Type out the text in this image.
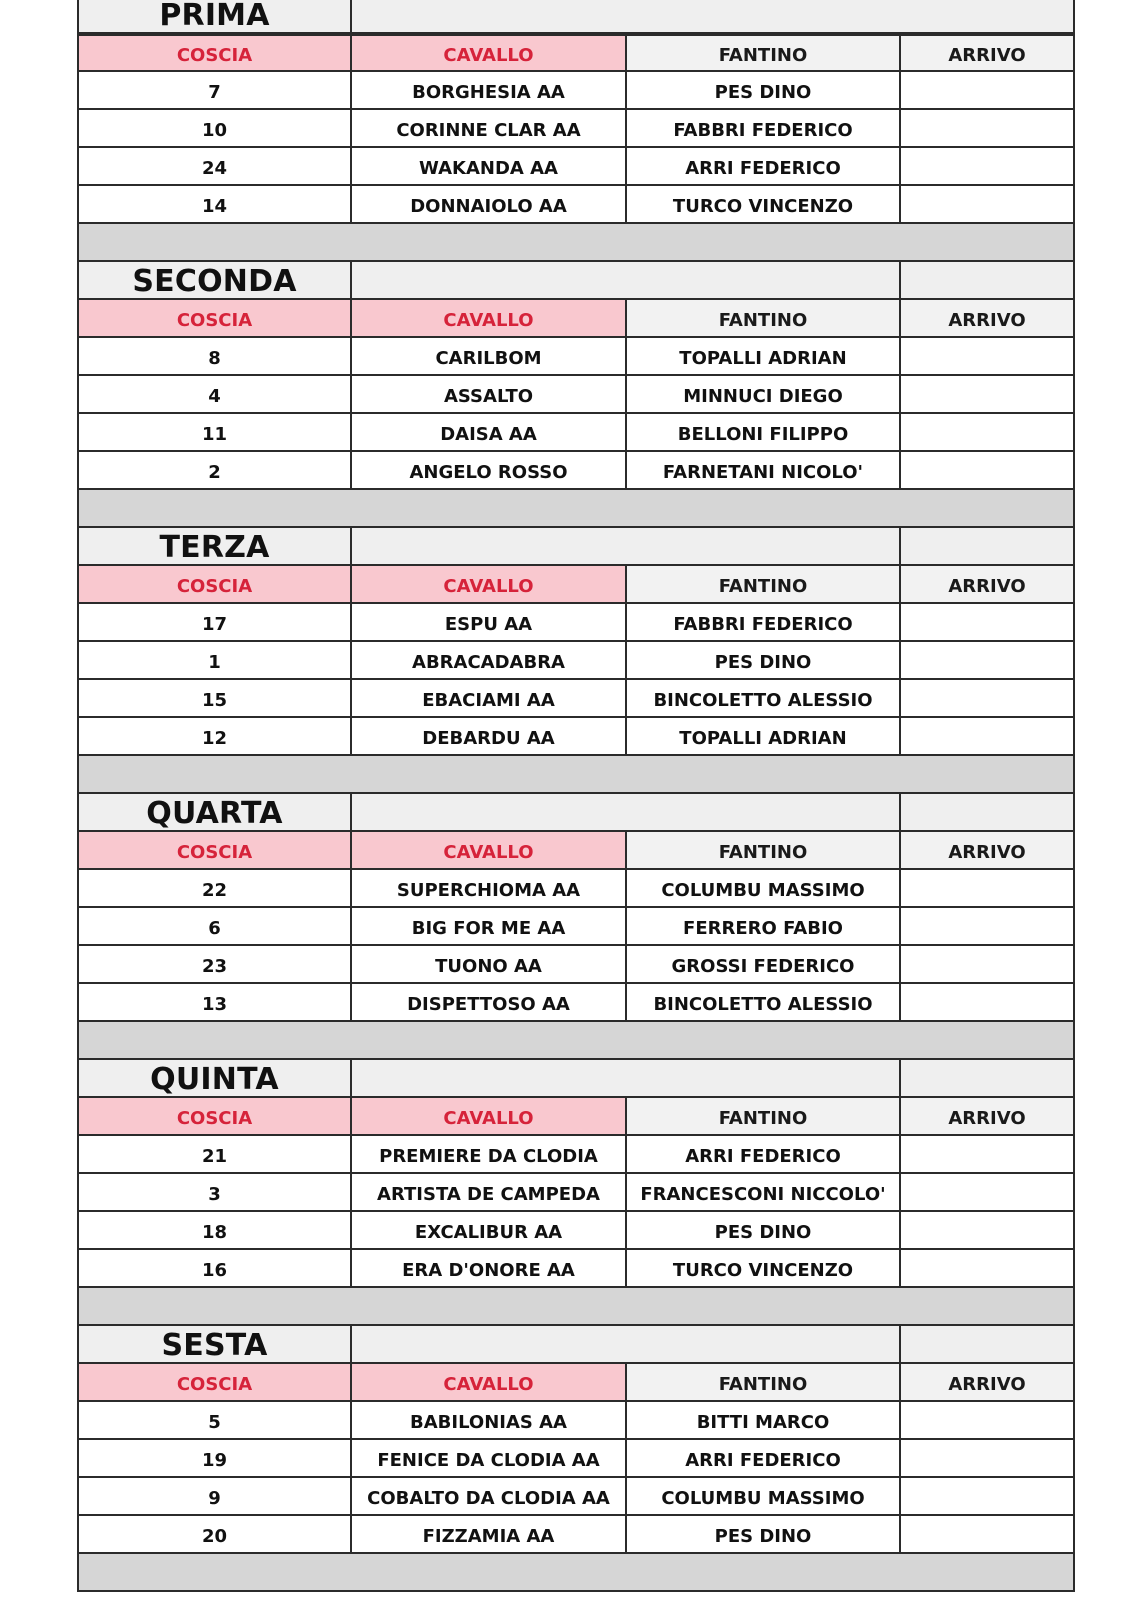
PRIMA
COSCIA	CAVALLO	FANTINO	ARRIVO
7	BORGHESIA AA	PES DINO
10	CORINNE CLAR AA	FABBRI FEDERICO
24	WAKANDA AA	ARRI FEDERICO
14	DONNAIOLO AA	TURCO VINCENZO
SECONDA
COSCIA	CAVALLO	FANTINO	ARRIVO
8	CARILBOM	TOPALLI ADRIAN
4	ASSALTO	MINNUCI DIEGO
11	DAISA AA	BELLONI FILIPPO
2	ANGELO ROSSO	FARNETANI NICOLO'
TERZA
COSCIA	CAVALLO	FANTINO	ARRIVO
17	ESPU AA	FABBRI FEDERICO
1	ABRACADABRA	PES DINO
15	EBACIAMI AA	BINCOLETTO ALESSIO
12	DEBARDU AA	TOPALLI ADRIAN
QUARTA
COSCIA	CAVALLO	FANTINO	ARRIVO
22	SUPERCHIOMA AA	COLUMBU MASSIMO
6	BIG FOR ME AA	FERRERO FABIO
23	TUONO AA	GROSSI FEDERICO
13	DISPETTOSO AA	BINCOLETTO ALESSIO
QUINTA
COSCIA	CAVALLO	FANTINO	ARRIVO
21	PREMIERE DA CLODIA	ARRI FEDERICO
3	ARTISTA DE CAMPEDA	FRANCESCONI NICCOLO'
18	EXCALIBUR AA	PES DINO
16	ERA D'ONORE AA	TURCO VINCENZO
SESTA
COSCIA	CAVALLO	FANTINO	ARRIVO
5	BABILONIAS AA	BITTI MARCO
19	FENICE DA CLODIA AA	ARRI FEDERICO
9	COBALTO DA CLODIA AA	COLUMBU MASSIMO
20	FIZZAMIA AA	PES DINO
